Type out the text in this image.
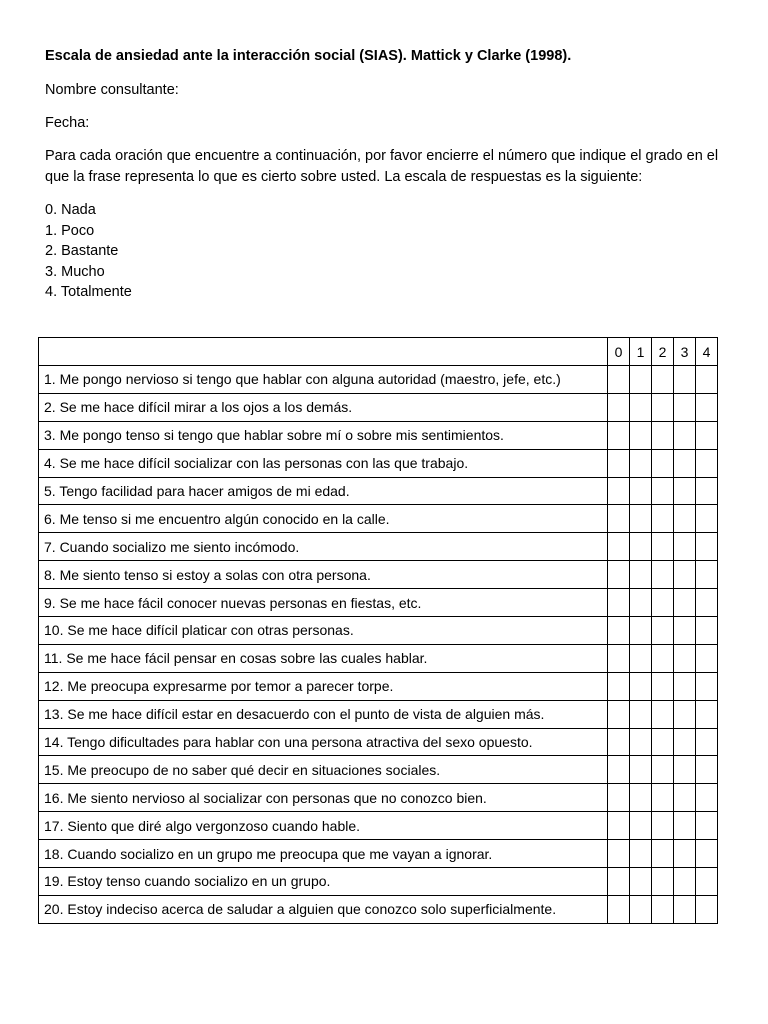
Escala de ansiedad ante la interacción social (SIAS). Mattick y Clarke (1998).
Nombre consultante:
Fecha:
Para cada oración que encuentre a continuación, por favor encierre el número que indique el grado en el que la frase representa lo que es cierto sobre usted. La escala de respuestas es la siguiente:
0. Nada
1. Poco
2. Bastante
3. Mucho
4. Totalmente
	0	1	2	3	4
1. Me pongo nervioso si tengo que hablar con alguna autoridad (maestro, jefe, etc.)					
2. Se me hace difícil mirar a los ojos a los demás.					
3. Me pongo tenso si tengo que hablar sobre mí o sobre mis sentimientos.					
4. Se me hace difícil socializar con las personas con las que trabajo.					
5. Tengo facilidad para hacer amigos de mi edad.					
6. Me tenso si me encuentro algún conocido en la calle.					
7. Cuando socializo me siento incómodo.					
8. Me siento tenso si estoy a solas con otra persona.					
9. Se me hace fácil conocer nuevas personas en fiestas, etc.					
10. Se me hace difícil platicar con otras personas.					
11. Se me hace fácil pensar en cosas sobre las cuales hablar.					
12. Me preocupa expresarme por temor a parecer torpe.					
13. Se me hace difícil estar en desacuerdo con el punto de vista de alguien más.					
14. Tengo dificultades para hablar con una persona atractiva del sexo opuesto.					
15. Me preocupo de no saber qué decir en situaciones sociales.					
16. Me siento nervioso al socializar con personas que no conozco bien.					
17. Siento que diré algo vergonzoso cuando hable.					
18. Cuando socializo en un grupo me preocupa que me vayan a ignorar.					
19. Estoy tenso cuando socializo en un grupo.					
20. Estoy indeciso acerca de saludar a alguien que conozco solo superficialmente.					
